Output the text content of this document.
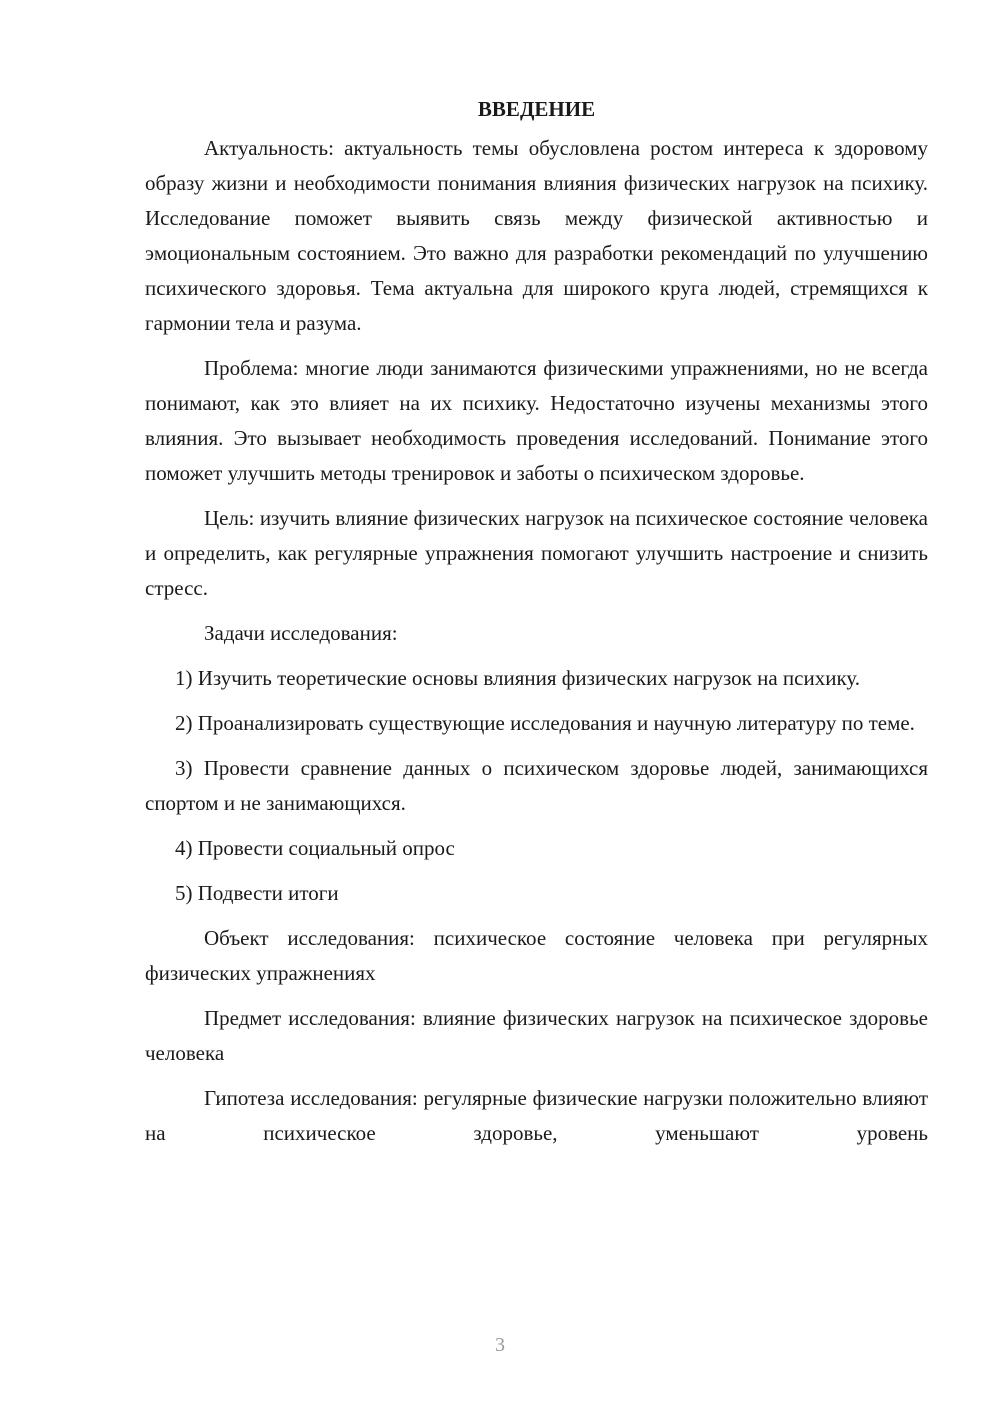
ВВЕДЕНИЕ

Актуальность: актуальность темы обусловлена ростом интереса к здоровому образу жизни и необходимости понимания влияния физических нагрузок на психику. Исследование поможет выявить связь между физической активностью и эмоциональным состоянием. Это важно для разработки рекомендаций по улучшению психического здоровья. Тема актуальна для широкого круга людей, стремящихся к гармонии тела и разума.

Проблема: многие люди занимаются физическими упражнениями, но не всегда понимают, как это влияет на их психику. Недостаточно изучены механизмы этого влияния. Это вызывает необходимость проведения исследований. Понимание этого поможет улучшить методы тренировок и заботы о психическом здоровье.

Цель: изучить влияние физических нагрузок на психическое состояние человека и определить, как регулярные упражнения помогают улучшить настроение и снизить стресс.

Задачи исследования:

1) Изучить теоретические основы влияния физических нагрузок на психику.

2) Проанализировать существующие исследования и научную литературу по теме.

3) Провести сравнение данных о психическом здоровье людей, занимающихся спортом и не занимающихся.

4) Провести социальный опрос

5) Подвести итоги

Объект исследования: психическое состояние человека при регулярных физических упражнениях

Предмет исследования: влияние физических нагрузок на психическое здоровье человека

Гипотеза исследования: регулярные физические нагрузки положительно влияют на психическое здоровье, уменьшают уровень

3
